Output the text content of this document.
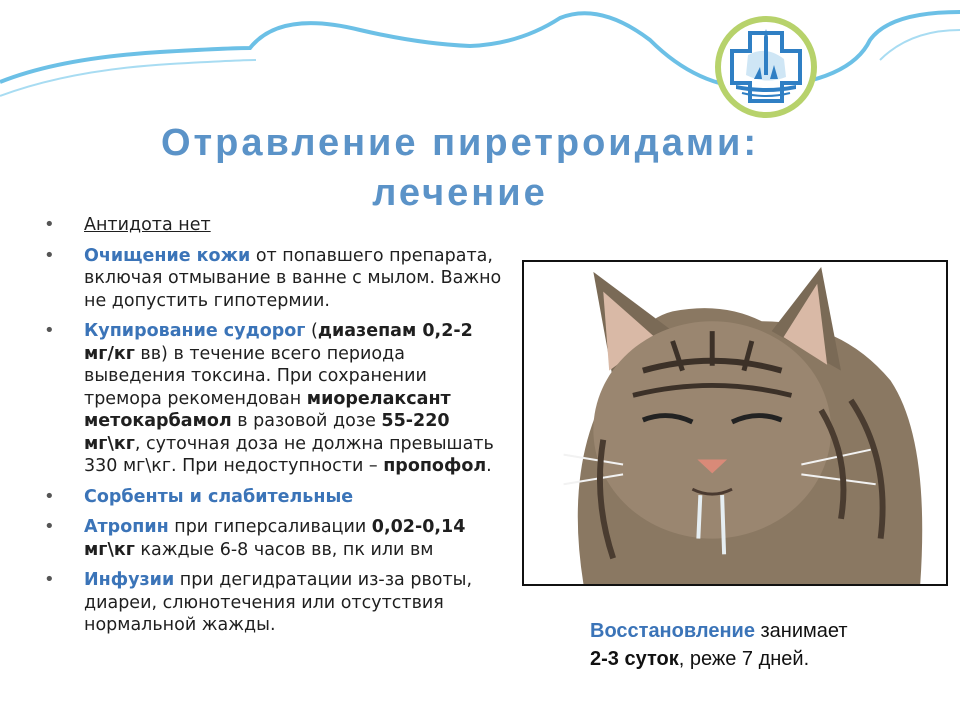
Отравление пиретроидами:
лечение
• Антидота нет
• Очищение кожи от попавшего препарата, включая отмывание в ванне с мылом. Важно не допустить гипотермии.
• Купирование судорог (диазепам 0,2-2 мг/кг вв) в течение всего периода выведения токсина. При сохранении тремора рекомендован миорелаксант метокарбамол в разовой дозе 55-220 мг\кг, суточная доза не должна превышать 330 мг\кг. При недоступности – пропофол.
• Сорбенты и слабительные
• Атропин при гиперсаливации 0,02-0,14 мг\кг каждые 6-8 часов вв, пк или вм
• Инфузии при дегидратации из-за рвоты, диареи, слюнотечения или отсутствия нормальной жажды.	Восстановление занимает
2-3 суток, реже 7 дней.
